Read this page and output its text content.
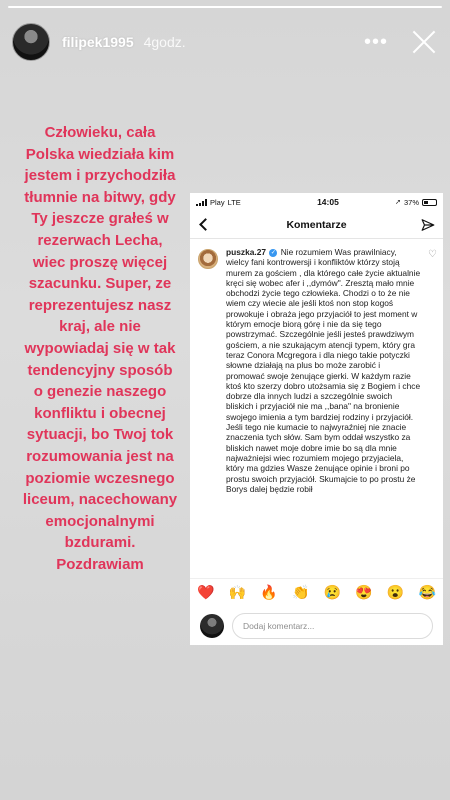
filipek1995 4godz.	•••
Człowieku, cała
Polska wiedziała kim
jestem i przychodziła
tłumnie na bitwy, gdy
Ty jeszcze grałeś w
rezerwach Lecha,
wiec proszę więcej
szacunku. Super, ze
reprezentujesz nasz
kraj, ale nie
wypowiadaj się w tak
tendencyjny sposób
o genezie naszego
konfliktu i obecnej
sytuacji, bo Twoj tok
rozumowania jest na
poziomie wczesnego
liceum, nacechowany
emocjonalnymi
bzdurami.
Pozdrawiam
Play LTE	14:05	➚ 37%
Komentarze
puszka.27 ✓ Nie rozumiem Was prawilniacy, wielcy fani kontrowersji i konfliktów którzy stoją murem za gościem , dla którego całe życie aktualnie kręci się wobec afer i ,,dymów". Zresztą mało mnie obchodzi życie tego człowieka. Chodzi o to że nie wiem czy wiecie ale jeśli ktoś non stop kogoś prowokuje i obraża jego przyjaciół to jest moment w którym emocje biorą górę i nie da się tego powstrzymać. Szczególnie jeśli jesteś prawdziwym gościem, a nie szukającym atencji typem, który gra teraz Conora Mcgregora i dla niego takie potyczki słowne działają na plus bo może zarobić i promować swoje żenujące gierki. W każdym razie ktoś kto szerzy dobro utożsamia się z Bogiem i chce dobrze dla innych ludzi a szczególnie swoich bliskich i przyjaciół nie ma ,,bana" na bronienie swojego imienia a tym bardziej rodziny i przyjaciół. Jeśli tego nie kumacie to najwyraźniej nie znacie znaczenia tych słów. Sam bym oddał wszystko za bliskich nawet moje dobre imie bo są dla mnie najważniejsi wiec rozumiem mojego przyjaciela, który ma gdzies Wasze żenujące opinie i broni po prostu swoich przyjaciół. Skumajcie to po prostu że Borys dalej będzie robił
♡
❤️ 🙌 🔥 👏 😢 😍 😮 😂
Dodaj komentarz...
